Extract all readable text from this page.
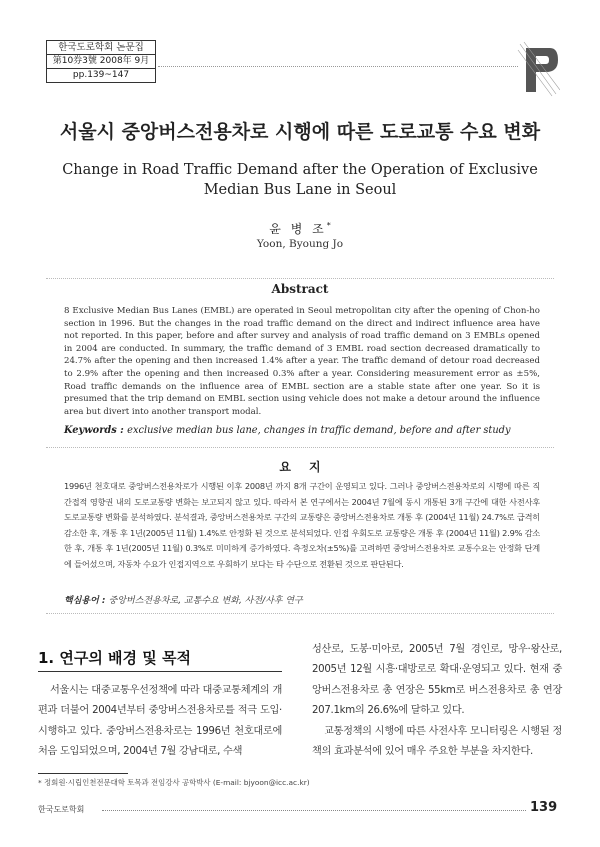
한국도로학회 논문집
第10券3號 2008年 9月
pp.139~147
서울시 중앙버스전용차로 시행에 따른 도로교통 수요 변화
Change in Road Traffic Demand after the Operation of Exclusive Median Bus Lane in Seoul
윤 병 조*
Yoon, Byoung Jo
Abstract
8 Exclusive Median Bus Lanes (EMBL) are operated in Seoul metropolitan city after the opening of Chon-ho section in 1996. But the changes in the road traffic demand on the direct and indirect influence area have not reported. In this paper, before and after survey and analysis of road traffic demand on 3 EMBLs opened in 2004 are conducted. In summary, the traffic demand of 3 EMBL road section decreased dramatically to 24.7% after the opening and then increased 1.4% after a year. The traffic demand of detour road decreased to 2.9% after the opening and then increased 0.3% after a year. Considering measurement error as ±5%, Road traffic demands on the influence area of EMBL section are a stable state after one year. So it is presumed that the trip demand on EMBL section using vehicle does not make a detour around the influence area but divert into another transport modal.
Keywords : exclusive median bus lane, changes in traffic demand, before and after study
요지
1996년 천호대로 중앙버스전용차로가 시행된 이후 2008년 까지 8개 구간이 운영되고 있다. 그러나 중앙버스전용차로의 시행에 따른 직간접적 영향권 내의 도로교통량 변화는 보고되지 않고 있다. 따라서 본 연구에서는 2004년 7월에 동시 개통된 3개 구간에 대한 사전사후 도로교통량 변화를 분석하였다. 분석결과, 중앙버스전용차로 구간의 교통량은 중앙버스전용차로 개통 후 (2004년 11월) 24.7%로 급격히 감소한 후, 개통 후 1년(2005년 11월) 1.4%로 안정화 된 것으로 분석되었다. 인접 우회도로 교통량은 개통 후 (2004년 11월) 2.9% 감소한 후, 개통 후 1년(2005년 11월) 0.3%로 미미하게 증가하였다. 측정오차(±5%)를 고려하면 중앙버스전용차로 교통수요는 안정화 단계에 들어섰으며, 자동차 수요가 인접지역으로 우회하기 보다는 타 수단으로 전환된 것으로 판단된다.
핵심용어 : 중앙버스전용차로, 교통수요 변화, 사전/사후 연구
1. 연구의 배경 및 목적

서울시는 대중교통우선정책에 따라 대중교통체계의 개편과 더불어 2004년부터 중앙버스전용차로를 적극 도입·시행하고 있다. 중앙버스전용차로는 1996년 천호대로에 처음 도입되었으며, 2004년 7월 강남대로, 수색

성산로, 도봉·미아로, 2005년 7월 경인로, 망우·왕산로, 2005년 12월 시흥·대방로로 확대·운영되고 있다. 현재 중앙버스전용차로 총 연장은 55km로 버스전용차로 총 연장 207.1km의 26.6%에 달하고 있다.

교통정책의 시행에 따른 사전사후 모니터링은 시행된 정책의 효과분석에 있어 매우 주요한 부분을 차지한다.

* 정회원·시립인천전문대학 토목과 전임강사 공학박사 (E-mail: bjyoon@icc.ac.kr)
한국도로학회	139
